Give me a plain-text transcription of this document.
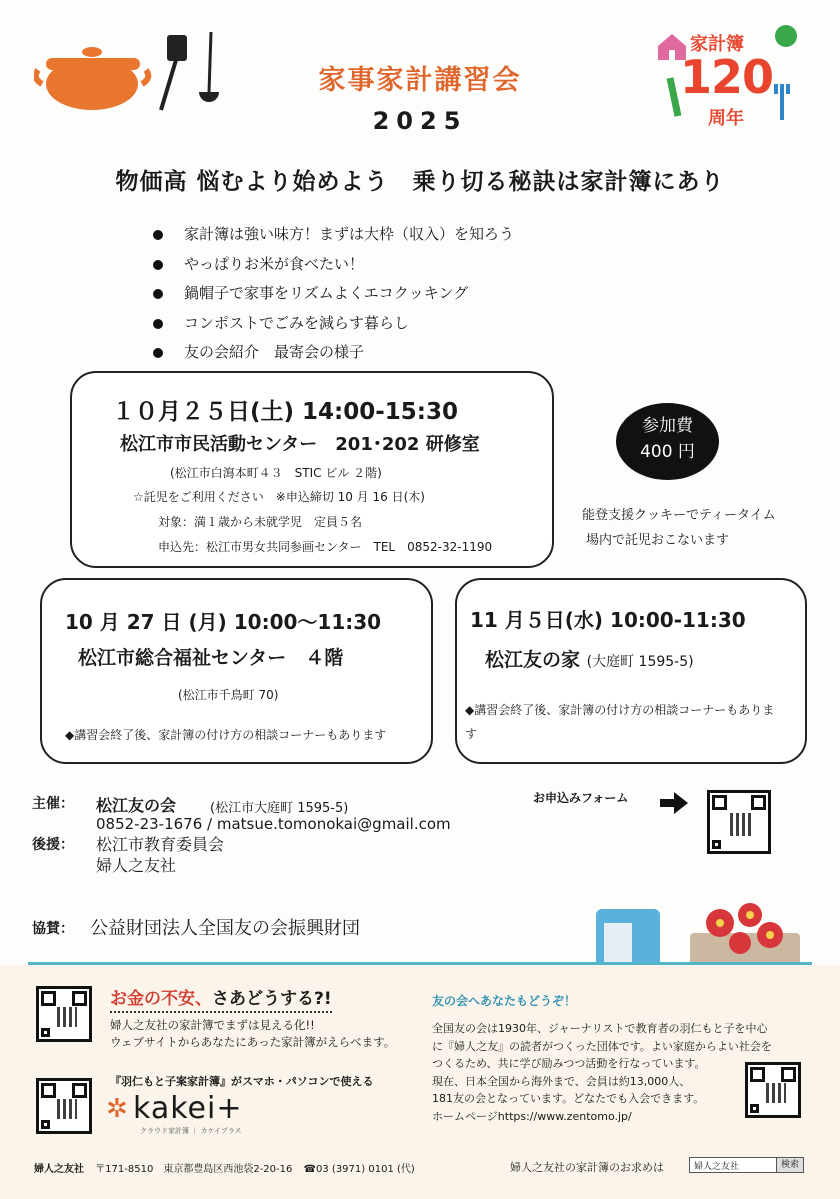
家事家計講習会
2025
家計簿
120
周年
物価高 悩むより始めよう　乗り切る秘訣は家計簿にあり
家計簿は強い味方！まずは大枠（収入）を知ろう
やっぱりお米が食べたい！
鍋帽子で家事をリズムよくエコクッキング
コンポストでごみを減らす暮らし
友の会紹介　最寄会の様子
１０月２５日(土) 14:00-15:30
松江市市民活動センター　201･202 研修室
(松江市白瀉本町４３　STIC ビル ２階)
☆託児をご利用ください　※申込締切 10 月 16 日(木)
対象：満１歳から未就学児　定員５名
申込先：松江市男女共同参画センター　TEL　0852-32-1190
参加費
400 円
能登支援クッキーでティータイム
場内で託児おこないます
10 月 27 日 (月) 10:00～11:30
松江市総合福祉センター　４階
(松江市千鳥町 70)
◆講習会終了後、家計簿の付け方の相談コーナーもあります
11 月５日(水) 10:00-11:30
松江友の家 (大庭町 1595-5)
◆講習会終了後、家計簿の付け方の相談コーナーもあります
主催： 松江友の会	(松江市大庭町 1595-5)
0852-23-1676 / matsue.tomonokai@gmail.com
後援： 松江市教育委員会
婦人之友社
協賛： 公益財団法人全国友の会振興財団
お申込みフォーム
お金の不安、さあどうする?!
婦人之友社の家計簿でまずは見える化!!
ウェブサイトからあなたにあった家計簿がえらべます。
『羽仁もと子案家計簿』がスマホ・パソコンで使える
✲ kakei+
クラウド家計簿 ｜ カケイプラス
友の会へあなたもどうぞ！
全国友の会は1930年、ジャーナリストで教育者の羽仁もと子を中心
に『婦人之友』の読者がつくった団体です。よい家庭からよい社会を
つくるため、共に学び励みつつ活動を行なっています。
現在、日本全国から海外まで、会員は約13,000人、
181友の会となっています。どなたでも入会できます。
ホームページhttps://www.zentomo.jp/
婦人之友社 〒171-8510　東京都豊島区西池袋2-20-16 ☎03 (3971) 0101 (代)	婦人之友社の家計簿のお求めは	婦人之友社	検索
